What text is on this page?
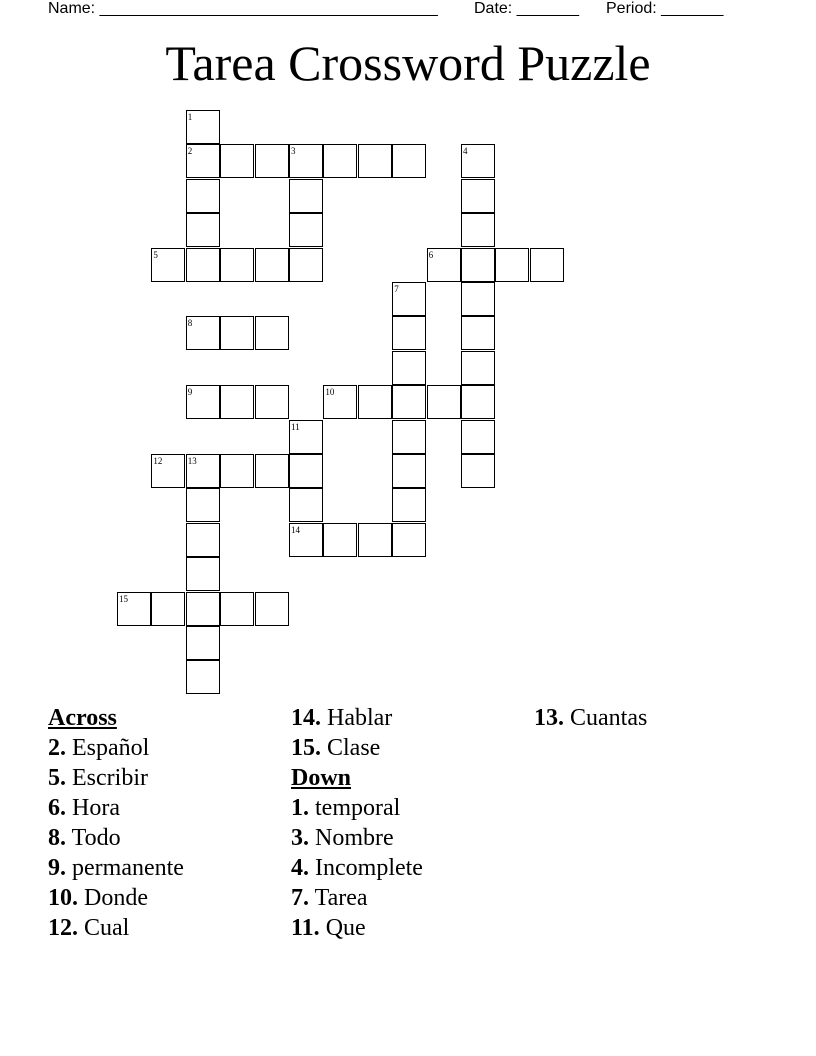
Name: ______________________________________ Date: _______ Period: _______
Tarea Crossword Puzzle
1
2	3	4
5	6
7
8
9	10
11
12	13
14
15
Across
2. Español
5. Escribir
6. Hora
8. Todo
9. permanente
10. Donde
12. Cual
14. Hablar
15. Clase
Down
1. temporal
3. Nombre
4. Incomplete
7. Tarea
11. Que
13. Cuantas
